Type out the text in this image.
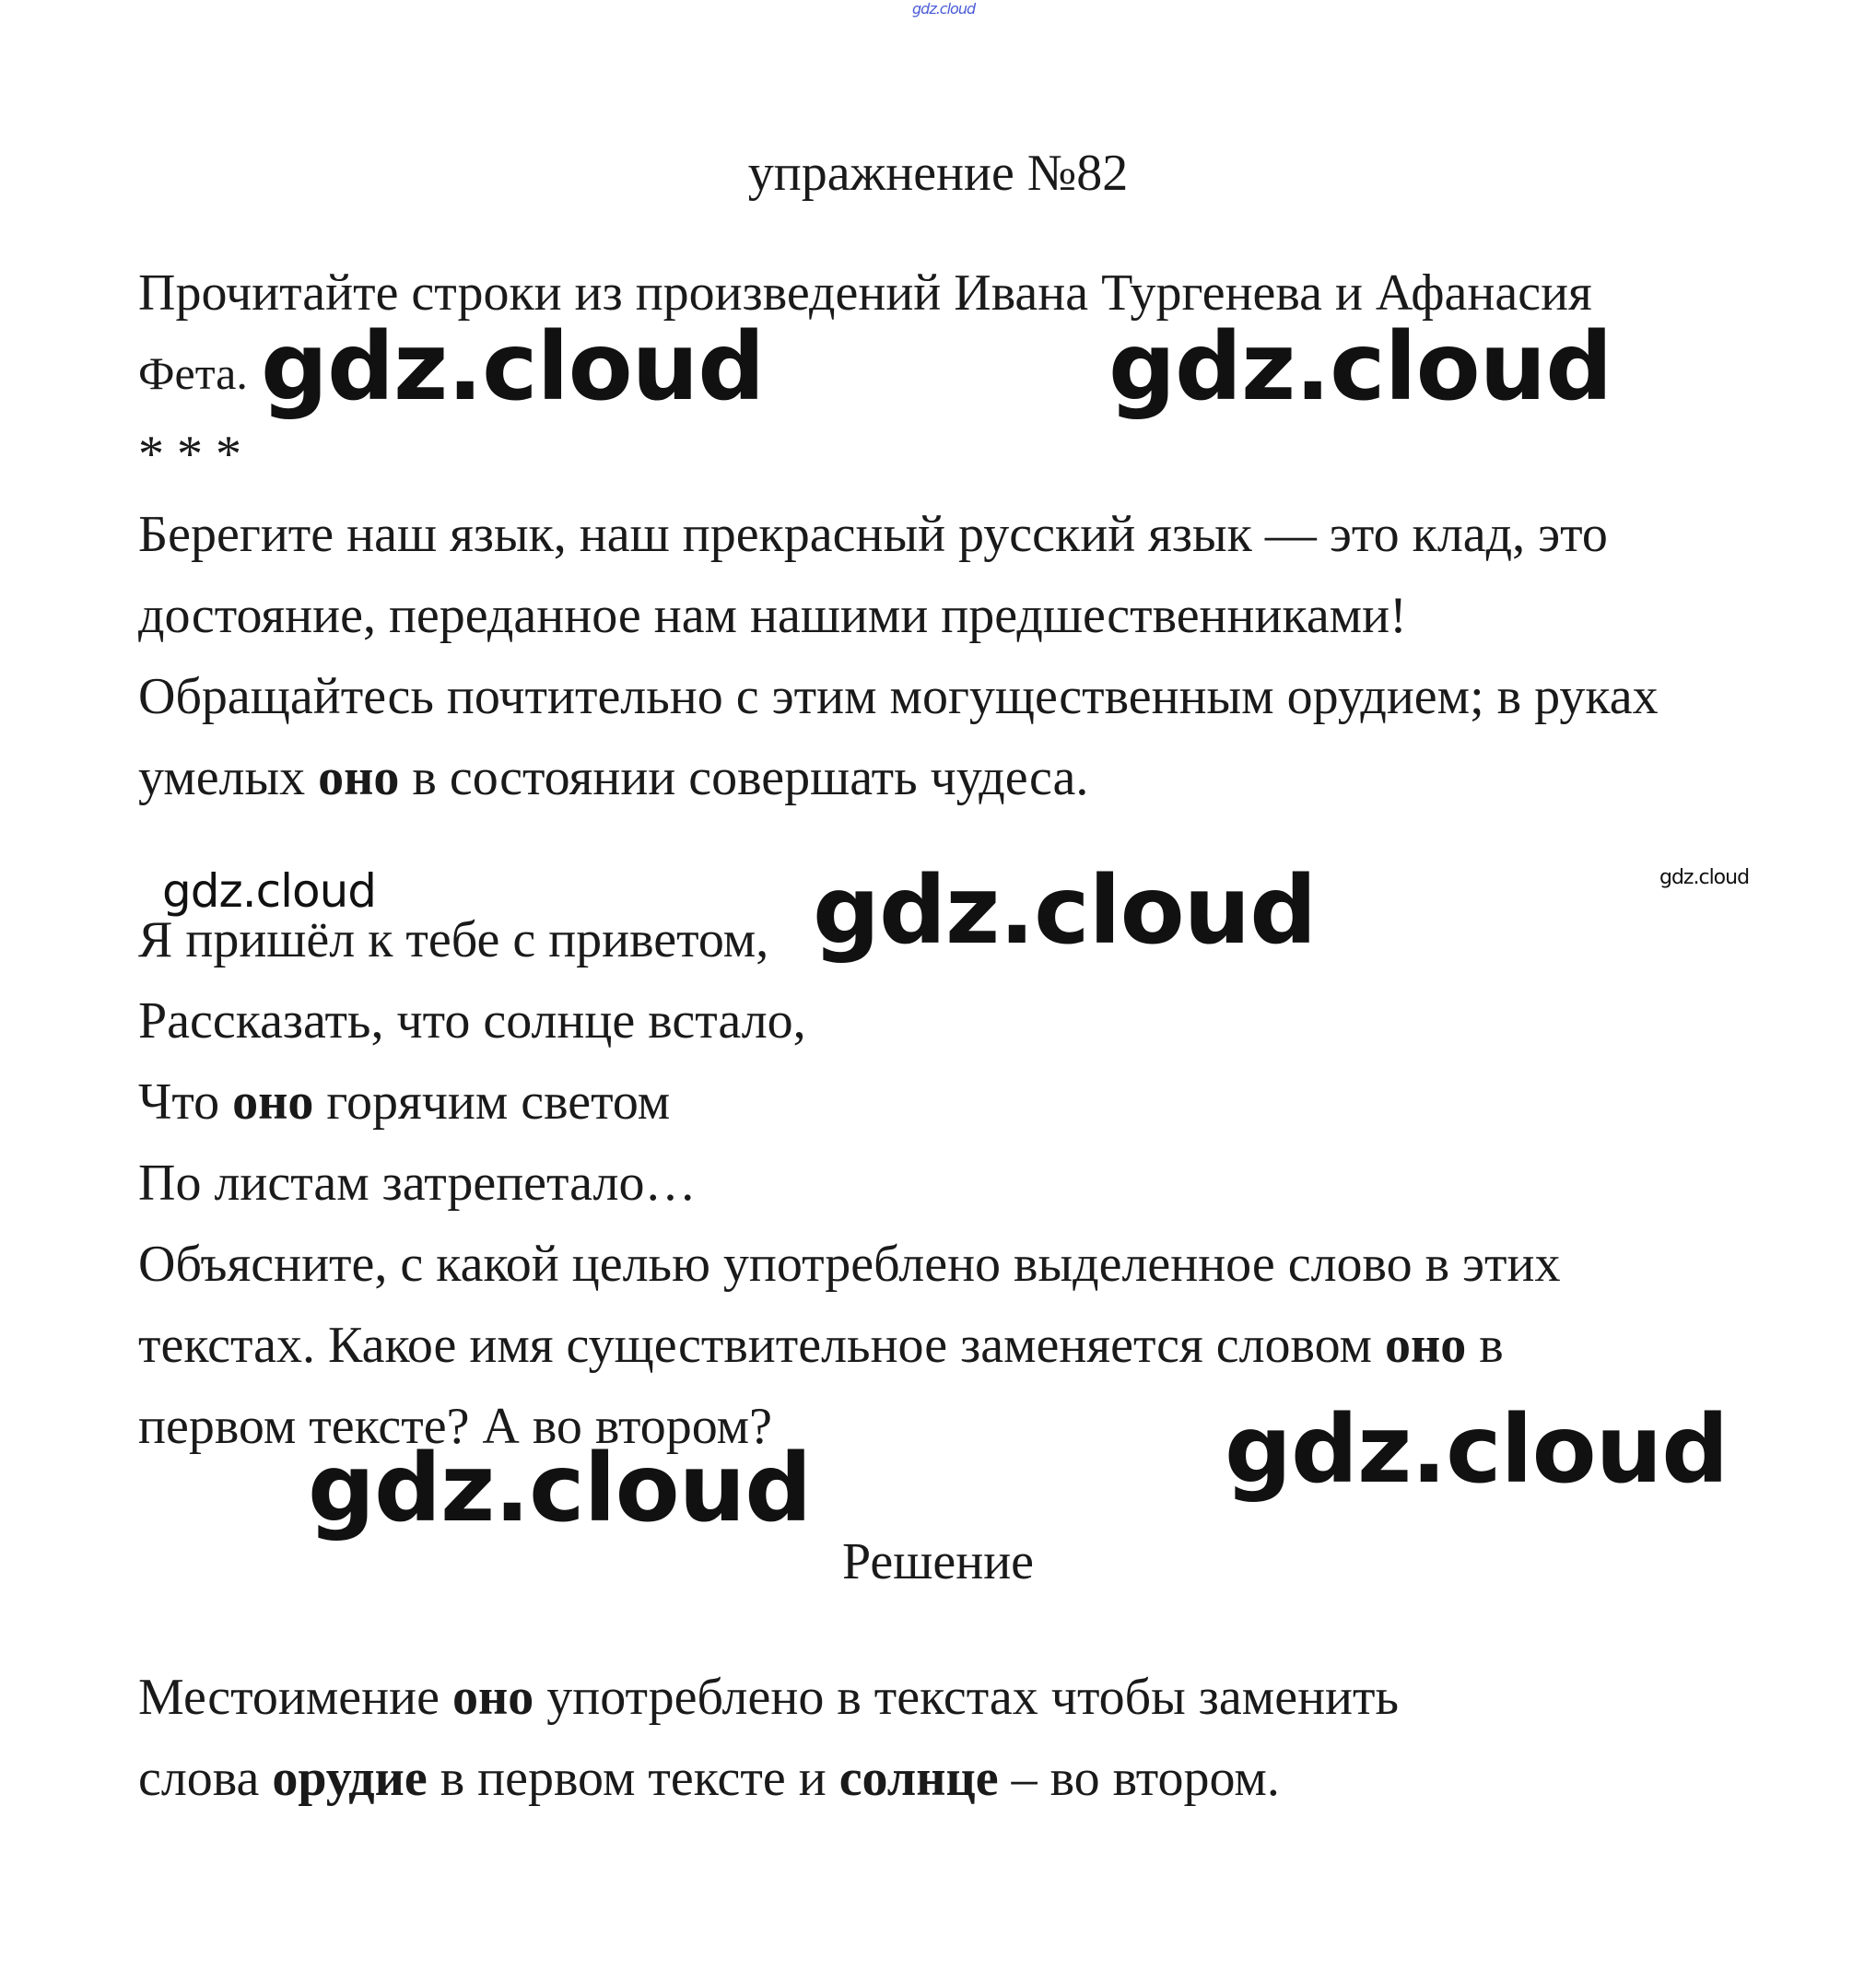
gdz.cloud
упражнение №82
Прочитайте строки из произведений Ивана Тургенева и Афанасия
Фета.
* * *
Берегите наш язык, наш прекрасный русский язык — это клад, это
достояние, переданное нам нашими предшественниками!
Обращайтесь почтительно с этим могущественным орудием; в руках
умелых оно в состоянии совершать чудеса.
Я пришёл к тебе с приветом,
Рассказать, что солнце встало,
Что оно горячим светом
По листам затрепетало…
Объясните, с какой целью употреблено выделенное слово в этих
текстах. Какое имя существительное заменяется словом оно в
первом тексте? А во втором?
Решение
Местоимение оно употреблено в текстах чтобы заменить
слова орудие в первом тексте и солнце – во втором.
gdz.cloud	gdz.cloud
gdz.cloud	gdz.cloud	gdz.cloud
gdz.cloud
gdz.cloud
